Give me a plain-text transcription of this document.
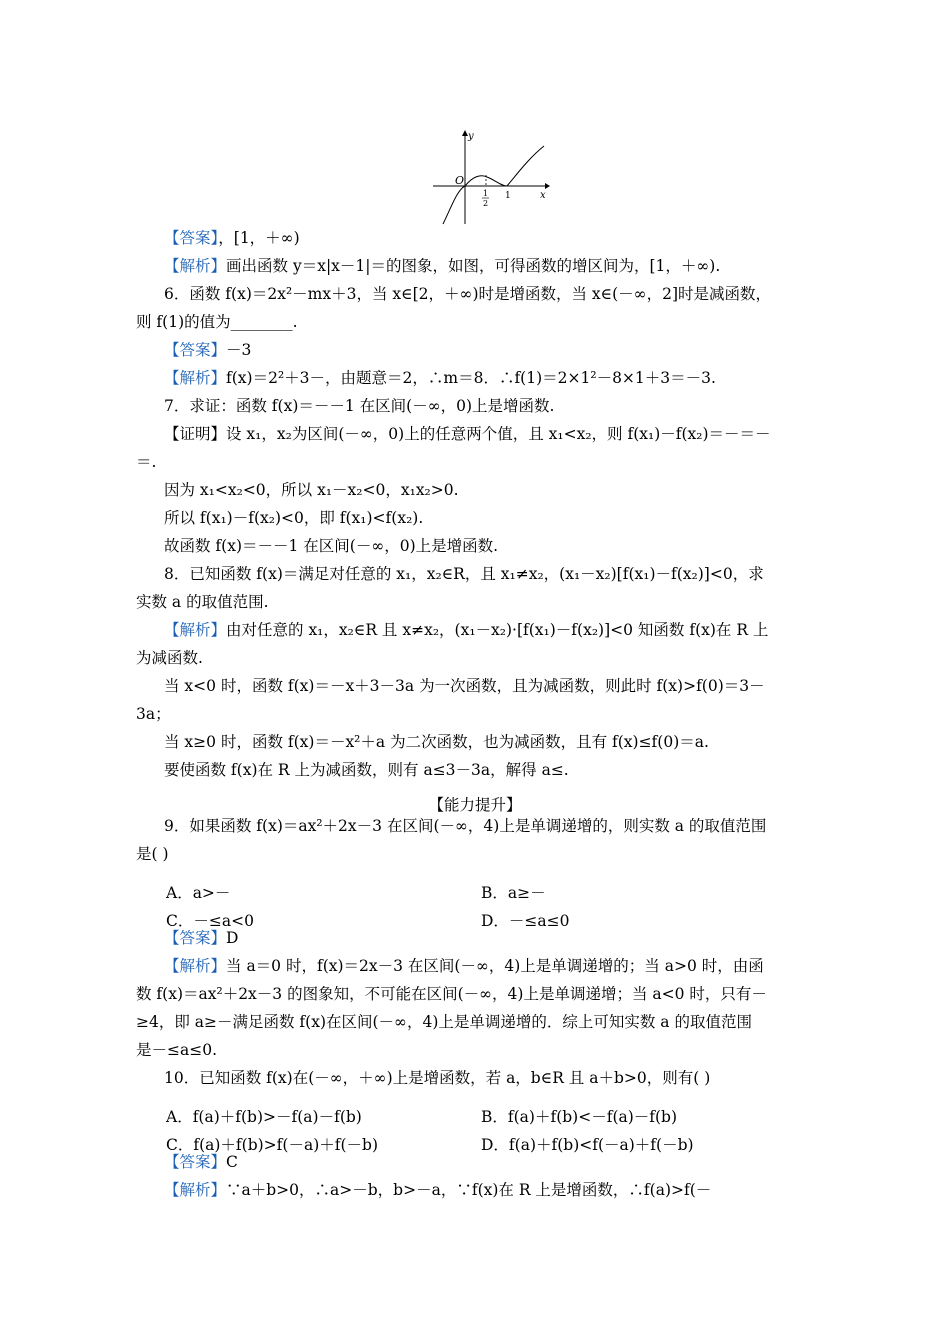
y
x
O
1
2
1
【答案】，[1，＋∞)
【解析】画出函数 y＝x|x－1|＝的图象，如图，可得函数的增区间为，[1，＋∞).
6．函数 f(x)＝2x²－mx＋3，当 x∈[2，＋∞)时是增函数，当 x∈(－∞，2]时是减函数，
则 f(1)的值为________.
【答案】－3
【解析】f(x)＝2²＋3－，由题意＝2，∴m＝8．∴f(1)＝2×1²－8×1＋3＝－3.
7．求证：函数 f(x)＝－－1 在区间(－∞，0)上是增函数.
【证明】设 x₁，x₂为区间(－∞，0)上的任意两个值，且 x₁<x₂，则 f(x₁)－f(x₂)＝－＝－
＝.
因为 x₁<x₂<0，所以 x₁－x₂<0，x₁x₂>0.
所以 f(x₁)－f(x₂)<0，即 f(x₁)<f(x₂).
故函数 f(x)＝－－1 在区间(－∞，0)上是增函数.
8．已知函数 f(x)＝满足对任意的 x₁，x₂∈R，且 x₁≠x₂，(x₁－x₂)[f(x₁)－f(x₂)]<0，求
实数 a 的取值范围.
【解析】由对任意的 x₁，x₂∈R 且 x≠x₂，(x₁－x₂)·[f(x₁)－f(x₂)]<0 知函数 f(x)在 R 上
为减函数.
当 x<0 时，函数 f(x)＝－x＋3－3a 为一次函数，且为减函数，则此时 f(x)>f(0)＝3－
3a；
当 x≥0 时，函数 f(x)＝－x²＋a 为二次函数，也为减函数，且有 f(x)≤f(0)＝a.
要使函数 f(x)在 R 上为减函数，则有 a≤3－3a，解得 a≤.
9．如果函数 f(x)＝ax²＋2x－3 在区间(－∞，4)上是单调递增的，则实数 a 的取值范围
是( )
【答案】D
【解析】当 a＝0 时，f(x)＝2x－3 在区间(－∞，4)上是单调递增的；当 a>0 时，由函
数 f(x)＝ax²＋2x－3 的图象知，不可能在区间(－∞，4)上是单调递增；当 a<0 时，只有－
≥4，即 a≥－满足函数 f(x)在区间(－∞，4)上是单调递增的．综上可知实数 a 的取值范围
是－≤a≤0.
10．已知函数 f(x)在(－∞，＋∞)上是增函数，若 a，b∈R 且 a＋b>0，则有( )
【答案】C
【解析】∵a＋b>0，∴a>－b，b>－a，∵f(x)在 R 上是增函数，∴f(a)>f(－
【能力提升】
A．a>－	B．a≥－
C．－≤a<0	D．－≤a≤0
A．f(a)＋f(b)>－f(a)－f(b)	B．f(a)＋f(b)<－f(a)－f(b)
C．f(a)＋f(b)>f(－a)＋f(－b)	D．f(a)＋f(b)<f(－a)＋f(－b)
